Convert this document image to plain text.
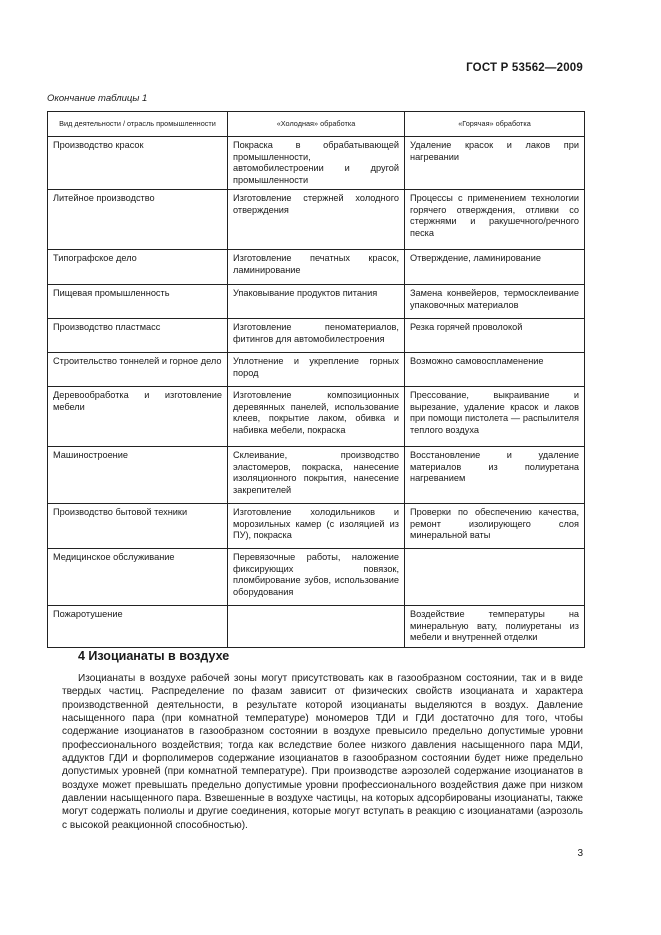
ГОСТ Р 53562—2009
Окончание таблицы 1
Вид деятельности / отрасль промышленности	«Холодная» обработка	«Горячая» обработка
Производство красок	Покраска в обрабатывающей промышленности, автомобилестроении и другой промышленности	Удаление красок и лаков при нагревании
Литейное производство	Изготовление стержней холодного отверждения	Процессы с применением технологии горячего отверждения, отливки со стержнями и ракушечного/речного песка
Типографское дело	Изготовление печатных красок, ламинирование	Отверждение, ламинирование
Пищевая промышленность	Упаковывание продуктов питания	Замена конвейеров, термосклеивание упаковочных материалов
Производство пластмасс	Изготовление пеноматериалов, фитингов для автомобилестроения	Резка горячей проволокой
Строительство тоннелей и горное дело	Уплотнение и укрепление горных пород	Возможно самовоспламенение
Деревообработка и изготовление мебели	Изготовление композиционных деревянных панелей, использование клеев, покрытие лаком, обивка и набивка мебели, покраска	Прессование, выкраивание и вырезание, удаление красок и лаков при помощи пистолета — распылителя теплого воздуха
Машиностроение	Склеивание, производство эластомеров, покраска, нанесение изоляционного покрытия, нанесение закрепителей	Восстановление и удаление материалов из полиуретана нагреванием
Производство бытовой техники	Изготовление холодильников и морозильных камер (с изоляцией из ПУ), покраска	Проверки по обеспечению качества, ремонт изолирующего слоя минеральной ваты
Медицинское обслуживание	Перевязочные работы, наложение фиксирующих повязок, пломбирование зубов, использование оборудования	
Пожаротушение		Воздействие температуры на минеральную вату, полиуретаны из мебели и внутренней отделки
4 Изоцианаты в воздухе

Изоцианаты в воздухе рабочей зоны могут присутствовать как в газообразном состоянии, так и в виде твердых частиц. Распределение по фазам зависит от физических свойств изоцианата и характера производственной деятельности, в результате которой изоцианаты выделяются в воздух. Давление насыщенного пара (при комнатной температуре) мономеров ТДИ и ГДИ достаточно для того, чтобы содержание изоцианатов в газообразном состоянии в воздухе превысило предельно допустимые уровни профессионального воздействия; тогда как вследствие более низкого давления насыщенного пара МДИ, аддуктов ГДИ и форполимеров содержание изоцианатов в газообразном состоянии будет ниже предельно допустимых уровней (при комнатной температуре). При производстве аэрозолей содержание изоцианатов в воздухе может превышать предельно допустимые уровни профессионального воздействия даже при низком давлении насыщенного пара. Взвешенные в воздухе частицы, на которых адсорбированы изоцианаты, также могут содержать полиолы и другие соединения, которые могут вступать в реакцию с изоцианатами (аэрозоль с высокой реакционной способностью).

3
